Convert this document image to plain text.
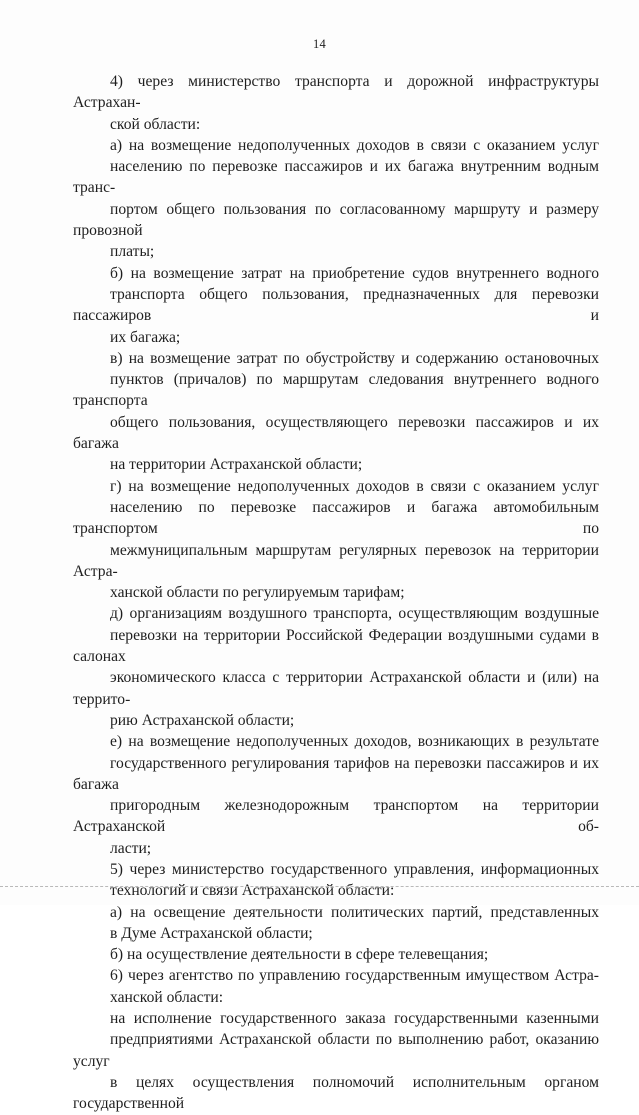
14
4) через министерство транспорта и дорожной инфраструктуры Астрахан-
ской области:
а) на возмещение недополученных доходов в связи с оказанием услуг
населению по перевозке пассажиров и их багажа внутренним водным транс-
портом общего пользования по согласованному маршруту и размеру провозной
платы;
б) на возмещение затрат на приобретение судов внутреннего водного
транспорта общего пользования, предназначенных для перевозки пассажиров и
их багажа;
в) на возмещение затрат по обустройству и содержанию остановочных
пунктов (причалов) по маршрутам следования внутреннего водного транспорта
общего пользования, осуществляющего перевозки пассажиров и их багажа
на территории Астраханской области;
г) на возмещение недополученных доходов в связи с оказанием услуг
населению по перевозке пассажиров и багажа автомобильным транспортом по
межмуниципальным маршрутам регулярных перевозок на территории Астра-
ханской области по регулируемым тарифам;
д) организациям воздушного транспорта, осуществляющим воздушные
перевозки на территории Российской Федерации воздушными судами в салонах
экономического класса с территории Астраханской области и (или) на террито-
рию Астраханской области;
е) на возмещение недополученных доходов, возникающих в результате
государственного регулирования тарифов на перевозки пассажиров и их багажа
пригородным железнодорожным транспортом на территории Астраханской об-
ласти;
5) через министерство государственного управления, информационных
технологий и связи Астраханской области:
а) на освещение деятельности политических партий, представленных
в Думе Астраханской области;
б) на осуществление деятельности в сфере телевещания;
6) через агентство по управлению государственным имуществом Астра-
ханской области:
на исполнение государственного заказа государственными казенными
предприятиями Астраханской области по выполнению работ, оказанию услуг
в целях осуществления полномочий исполнительным органом государственной
